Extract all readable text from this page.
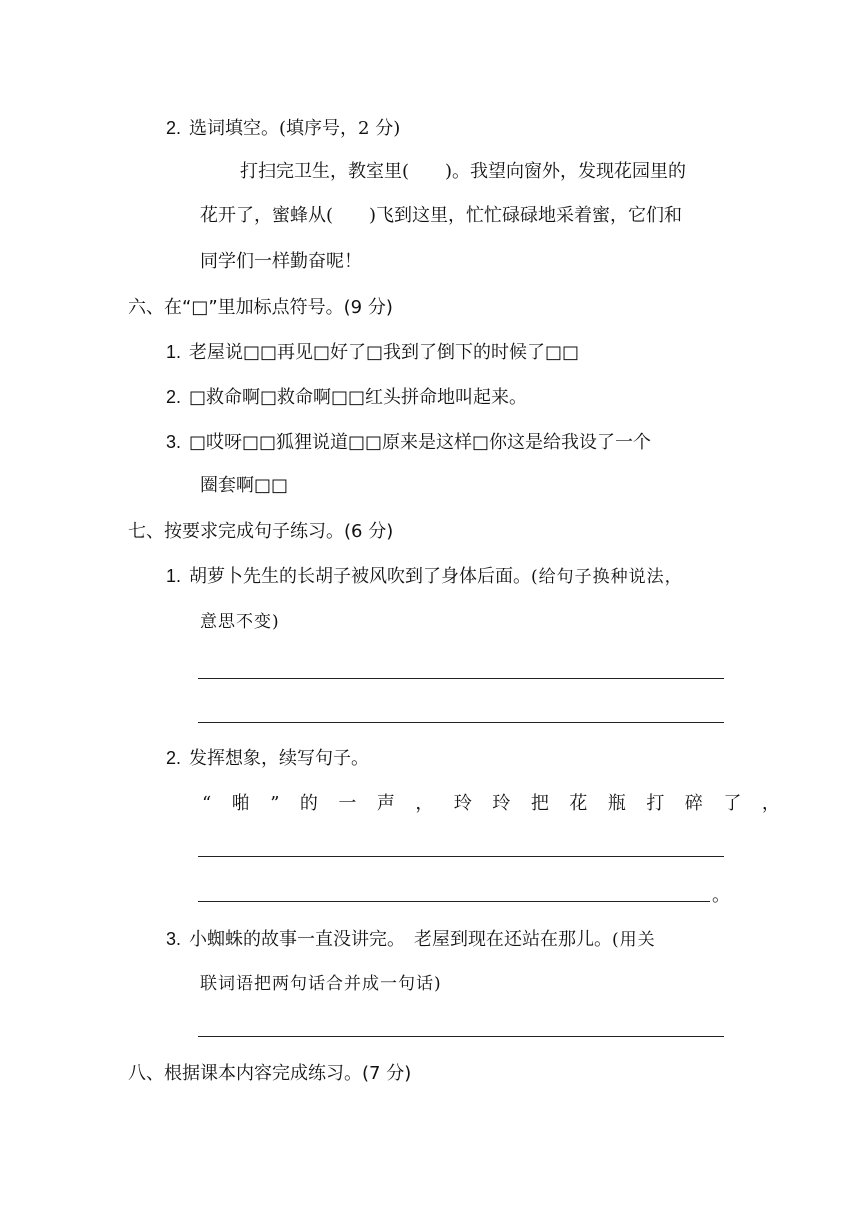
2. 选词填空。(填序号，2 分)
打扫完卫生，教室里(　　)。我望向窗外，发现花园里的
花开了，蜜蜂从(　　)飞到这里，忙忙碌碌地采着蜜，它们和
同学们一样勤奋呢！
六、在“□”里加标点符号。(9 分)
1. 老屋说□□再见□好了□我到了倒下的时候了□□
2. □救命啊□救命啊□□红头拼命地叫起来。
3. □哎呀□□狐狸说道□□原来是这样□你这是给我设了一个
圈套啊□□
七、按要求完成句子练习。(6 分)
1. 胡萝卜先生的长胡子被风吹到了身体后面。(给句子换种说法，
意思不变)
2. 发挥想象，续写句子。
“啪”的一声，玲玲把花瓶打碎了，
。
3. 小蜘蛛的故事一直没讲完。　老屋到现在还站在那儿。(用关
联词语把两句话合并成一句话)
八、根据课本内容完成练习。(7 分)
